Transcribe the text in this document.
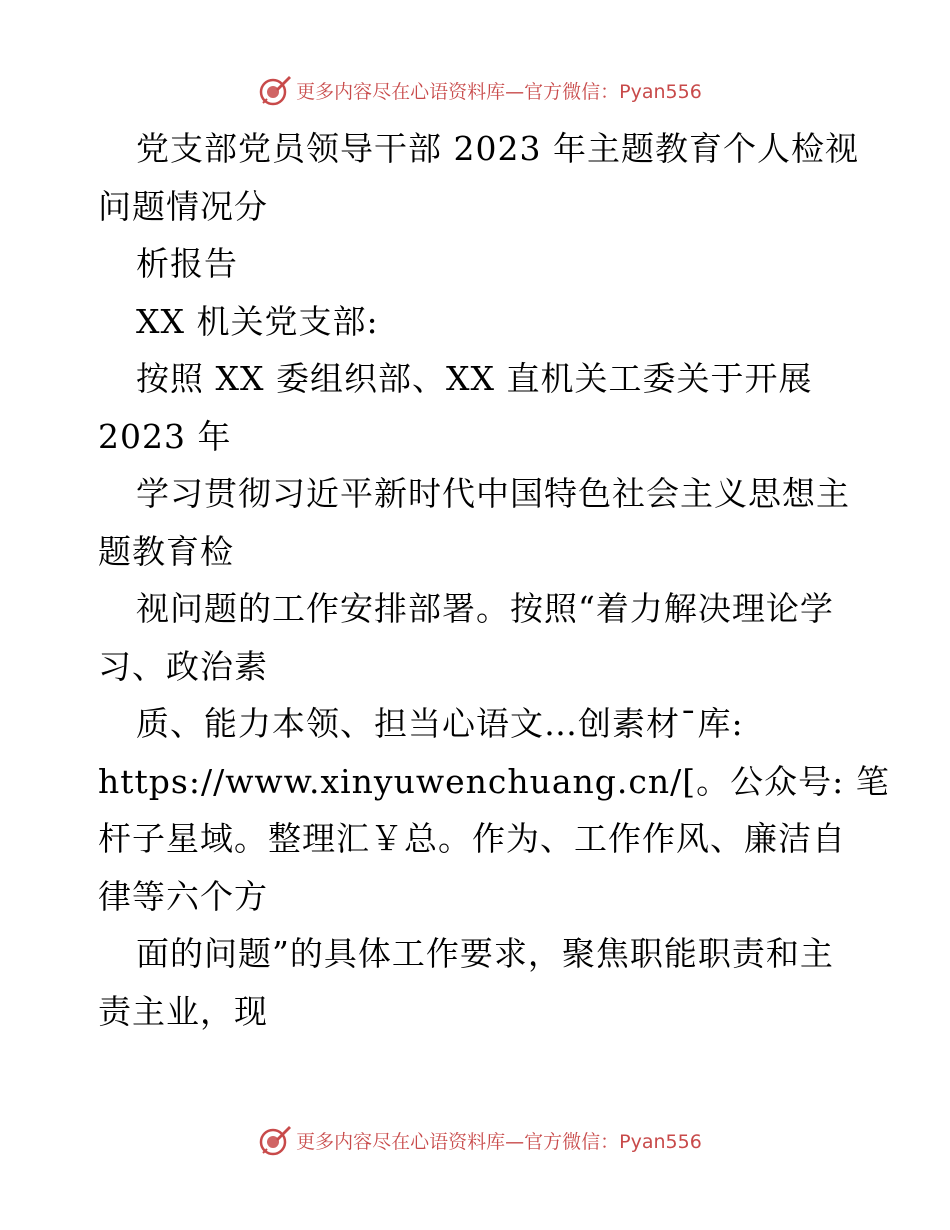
更多内容尽在心语资料库—官方微信：Pyan556
党支部党员领导干部 2023 年主题教育个人检视
问题情况分
析报告
XX 机关党支部:
按照 XX 委组织部、XX 直机关工委关于开展
2023 年
学习贯彻习近平新时代中国特色社会主义思想主
题教育检
视问题的工作安排部署。按照“着力解决理论学
习、政治素
质、能力本领、担当心语文…创素材¯库:
https://www.xinyuwenchuang.cn/[。公众号: 笔
杆子星域。整理汇￥总。作为、工作作风、廉洁自
律等六个方
面的问题”的具体工作要求，聚焦职能职责和主
责主业，现
更多内容尽在心语资料库—官方微信：Pyan556
